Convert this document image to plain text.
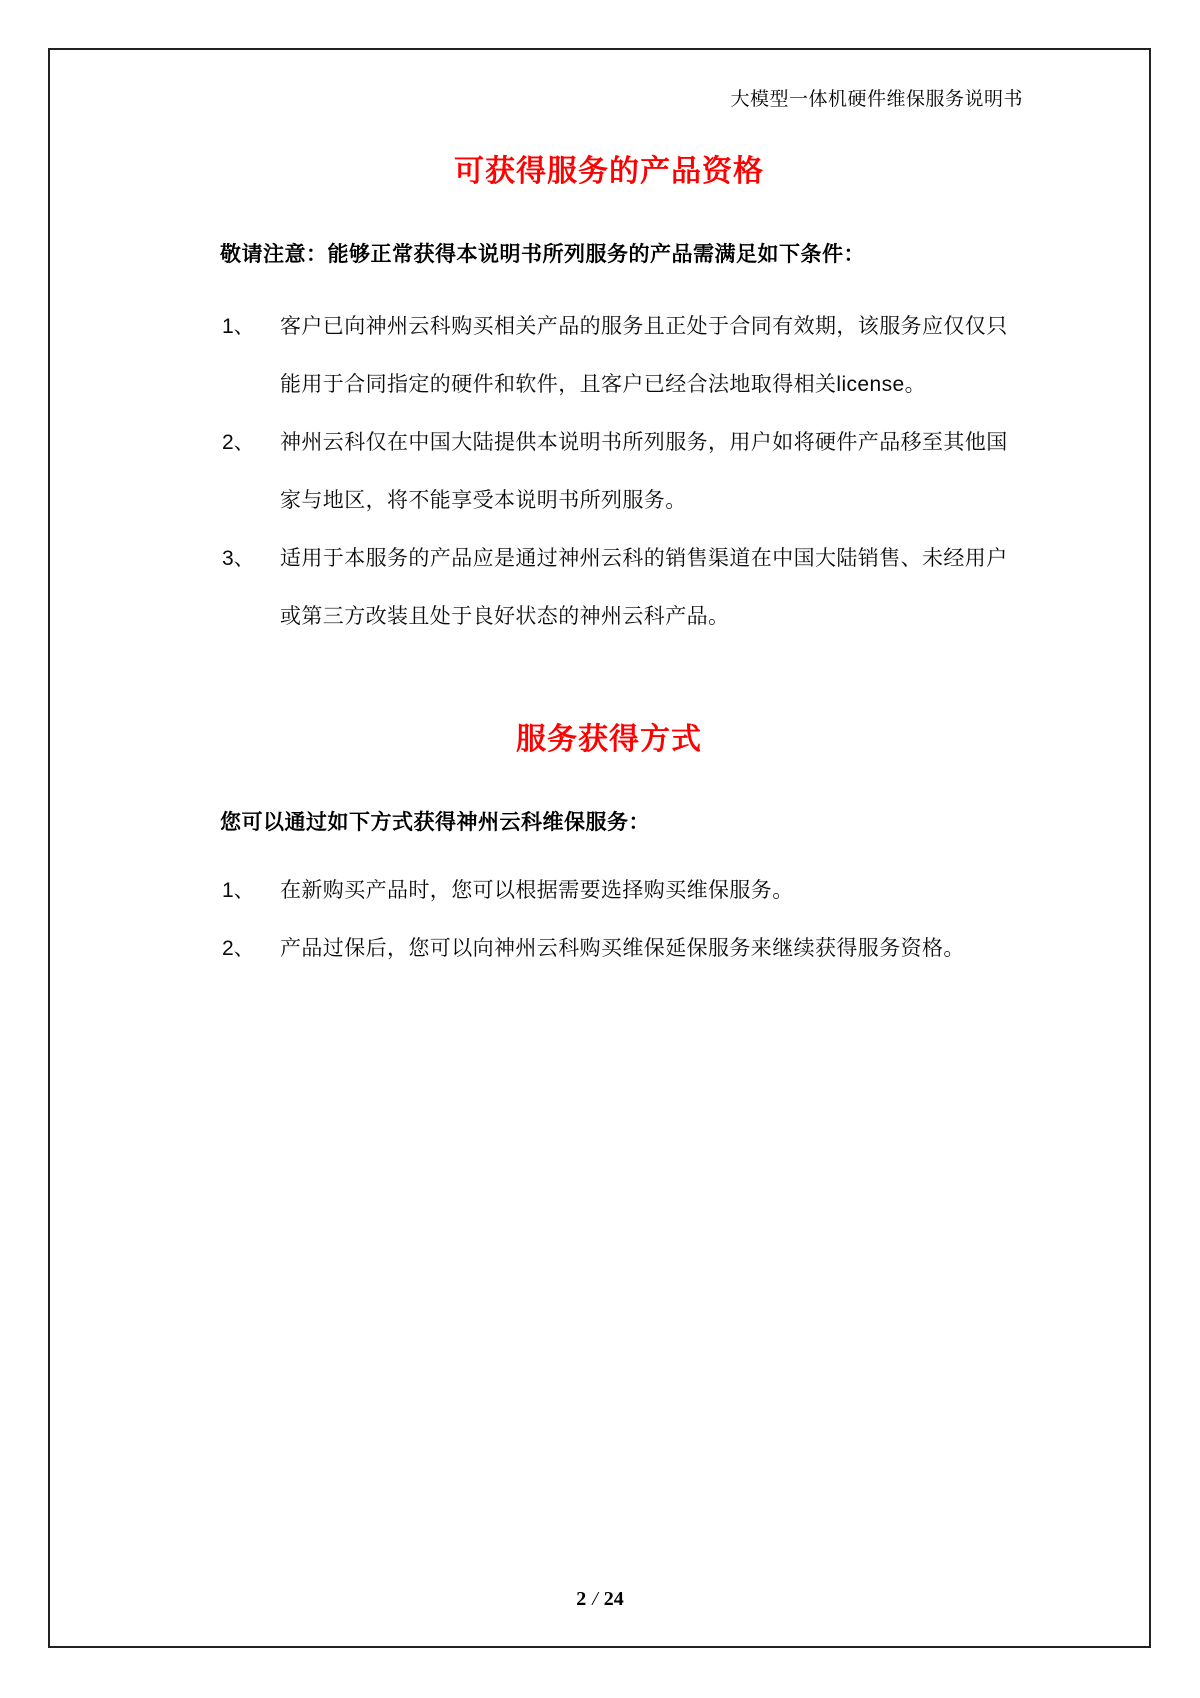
大模型一体机硬件维保服务说明书
可获得服务的产品资格
敬请注意：能够正常获得本说明书所列服务的产品需满足如下条件：
1、	客户已向神州云科购买相关产品的服务且正处于合同有效期，该服务应仅仅只
能用于合同指定的硬件和软件，且客户已经合法地取得相关license。
2、	神州云科仅在中国大陆提供本说明书所列服务，用户如将硬件产品移至其他国
家与地区，将不能享受本说明书所列服务。
3、	适用于本服务的产品应是通过神州云科的销售渠道在中国大陆销售、未经用户
或第三方改装且处于良好状态的神州云科产品。
服务获得方式
您可以通过如下方式获得神州云科维保服务：
1、	在新购买产品时，您可以根据需要选择购买维保服务。
2、	产品过保后，您可以向神州云科购买维保延保服务来继续获得服务资格。
2 / 24
